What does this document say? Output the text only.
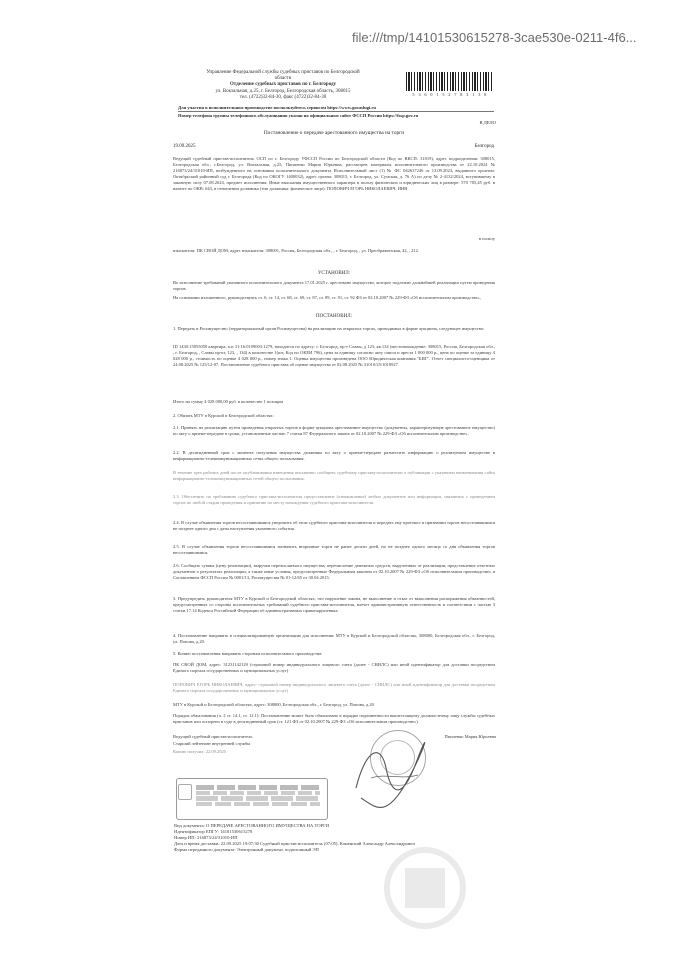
file:///tmp/14101530615278-3cae530e-0211-4f6...
Управление Федеральной службы судебных приставов по Белгородской
области
Отделение судебных приставов по г. Белгороду
ул. Вокзальная, д.25, г. Белгород, Белгородская область, 308015
тел. (4722)32-84-30, факс (4722)32-84-30
5 3 6 0 1 5 2 7 8 3 1 3 8
Для участия в исполнительном производстве воспользуйтесь сервисом https://www.gosuslugi.ru
Номер телефона группы телефонного обслуживания указан на официальном сайте ФССП России https://fssp.gov.ru
В ДЕЛО
Постановление о передаче арестованного имущества на торги
19.09.2025	Белгород
Ведущий судебный пристав-исполнитель ОСП по г. Белгороду УФССП России по Белгородской области (Код по ВКСП: 31019), адрес подразделения: 308015, Белгородская обл., г.Белгород, ул. Вокзальная, д.25, Пиппенко Мария Юрьевна, рассмотрев материалы исполнительного производства от 22.10.2024 № 216873/24/31010-ИП, возбужденного на основании исполнительного документа Исполнительный лист (1) № ФС 042637246 от 13.09.2024, выданного органом: Октябрьский районный суд г. Белгорода (Код по ОКОГУ 1400032), адрес органа: 308015, г. Белгород, ул. Сумская, д. 76 А) по делу № 2-4132/2024, вступившему в законную силу 07.08.2024, предмет исполнения: Иные взыскания имущественного характера в пользу физических и юридических лиц в размере: 570 705,45 руб. в валюте по ОКВ: 643, в отношении должника (тип должника: физическое лицо): ПОПОВИЧ ЕГОРЬ НИКОЛАЕВИЧ, ИНН
в пользу
взыскателя: ПК СВОЙ ДОМ, адрес взыскателя: 308001, Россия, Белгородская обл., , г. Белгород, , ул. Преображенская, 42, , 212.
УСТАНОВИЛ:
Во исполнение требований указанного исполнительного документа 17.01.2025 г. арестовано имущество, которое подлежит дальнейшей реализации путем проведения торгов.
На основании изложенного, руководствуясь ст. 6, ст. 14, ст. 68, ст. 69, ст. 87, ст. 89, ст. 91, ст. 92 ФЗ от 02.10.2007 № 229-ФЗ «Об исполнительном производстве»,
ПОСТАНОВИЛ:
1. Передать в Росимущество (территориальный орган Росимущества) на реализацию на открытых торгах, проводимых в форме аукциона, следующее имущество:
ID 1430:15055050 квартира, к.н 31:16:0109003:1279, находится по адресу: г. Белгород, пр-т Славы, д 123, кв.134 (местонахождение: 308015, Россия, Белгородская обл., , г. Белгород, , Славы пр-кт, 123, , 134) в количестве 1(шт, Код по ОКЕИ 796), цена за единицу согласно акту описи и ареста 1 000 000 р., цена по оценке за единицу 4 028 000 р., стоимость по оценке 4 028 000 р., номер знака 1. Оценка имущества произведена ООО Юридическая компания "БИГ". Отчет специалиста-оценщика от 24.08.2025 № 125/12-07. Постановление судебного пристава об оценке имущества от 02.08.2025 № 31010/25/1010927.
Итого на сумму 4 028 000,00 руб. в количестве 1 позиции
2. Обязать МТУ в Курской и Белгородской областях:
2.1. Принять на реализацию путем проведения открытых торгов в форме аукциона арестованное имущество (документы, характеризующие арестованное имущество) по акту о приеме-передаче в сроки, установленные частью 7 статьи 87 Федерального закона от 02.10.2007 № 229-ФЗ «Об исполнительном производстве».
2.2. В десятидневный срок с момента получения имущества должника по акту о приеме-передаче разместить информацию о реализуемом имуществе в информационно-телекоммуникационных сетях общего пользования.
В течение трех рабочих дней после опубликования извещения письменно сообщить судебному приставу-исполнителю о публикации с указанием наименования сайта информационно-телекоммуникационных сетей общего пользования.
2.3. Обеспечить по требованию судебного пристава-исполнителя предоставление (ознакомление) любых документов или информации, связанных с проведением торгов по любой стадии проведения и принятию по месту нахождения судебного пристава-исполнителя.
2.4. В случае объявления торгов несостоявшимися уведомить об этом судебного пристава-исполнителя и передать ему протокол и признании торгов несостоявшимися не позднее одного дня с даты наступления указанного события.
2.5. В случае объявления торгов несостоявшимися назначить вторичные торги не ранее десяти дней, но не позднее одного месяца со дня объявления торгов несостоявшимися.
2.6. Сообщать суммы (цену реализации), выручки перечисляемого имущества, перечисление денежных средств, вырученных от реализации, представление отчетных документов о результатах реализации, а также иные условия, предусмотренные Федеральным законом от 02.10.2007 № 229-ФЗ «Об исполнительном производстве» и Соглашением ФССП России № 0001/13, Росимущества № 01-12/65 от 30.04.2015.
3. Предупредить руководителя МТУ в Курской и Белгородской областях, что нарушение закона, не выполнение и отказ от выполнения распоряжения обязанностей, предусмотренных со стороны исполнительных требований судебного пристава-исполнителя, влечет административную ответственность в соответствии с частью 3 статьи 17.14 Кодекса Российской Федерации об административных правонарушениях.
4. Постановление направить в специализированную организацию для исполнения: МТУ в Курской и Белгородской областях, 308000, Белгородская обл., г. Белгород, ул. Попова, д.20.
5. Копию постановления направить сторонам исполнительного производства:
ПК СВОЙ ДОМ, адрес: 31231142129 (страховой номер индивидуального лицевого счета (далее - СНИЛС) или иной идентификатор для доставки посредством Единого портала государственных и муниципальных услуг)
ПОПОВИЧ ЕГОРЬ НИКОЛАЕВИЧ, адрес: страховой номер индивидуального лицевого счета (далее - СНИЛС) или иной идентификатор для доставки посредством Единого портала государственных и муниципальных услуг)
МТУ в Курской и Белгородской областях, адрес: 308000, Белгородская обл., г. Белгород, ул. Попова, д.20
Порядок обжалования (ч. 2 ст. 14.1, ст. 12.1): Постановление может быть обжаловано в порядке подчиненности вышестоящему должностному лицу службы судебных приставов или оспорено в суде в десятидневный срок (ст. 121 ФЗ от 02.10.2007 № 229-ФЗ «Об исполнительном производстве»)
Ведущий судебный пристав-исполнитель
Старший лейтенант внутренней службы
Пиппенко Мария Юрьевна
Копию получил: 22.09.2025
Вид документа: О ПЕРЕДАЧЕ АРЕСТОВАННОГО ИМУЩЕСТВА НА ТОРГИ
Идентификатор ЕПГУ: 14101530615278
Номер ИП: 216873/24/31010-ИП
Дата и время доставки: 22.09.2025 19:07:30 Судебный пристав-исполнитель (07:05), Каменский Александр Александрович
Форма переданного документа: Электронный документ, подписанный ЭП
